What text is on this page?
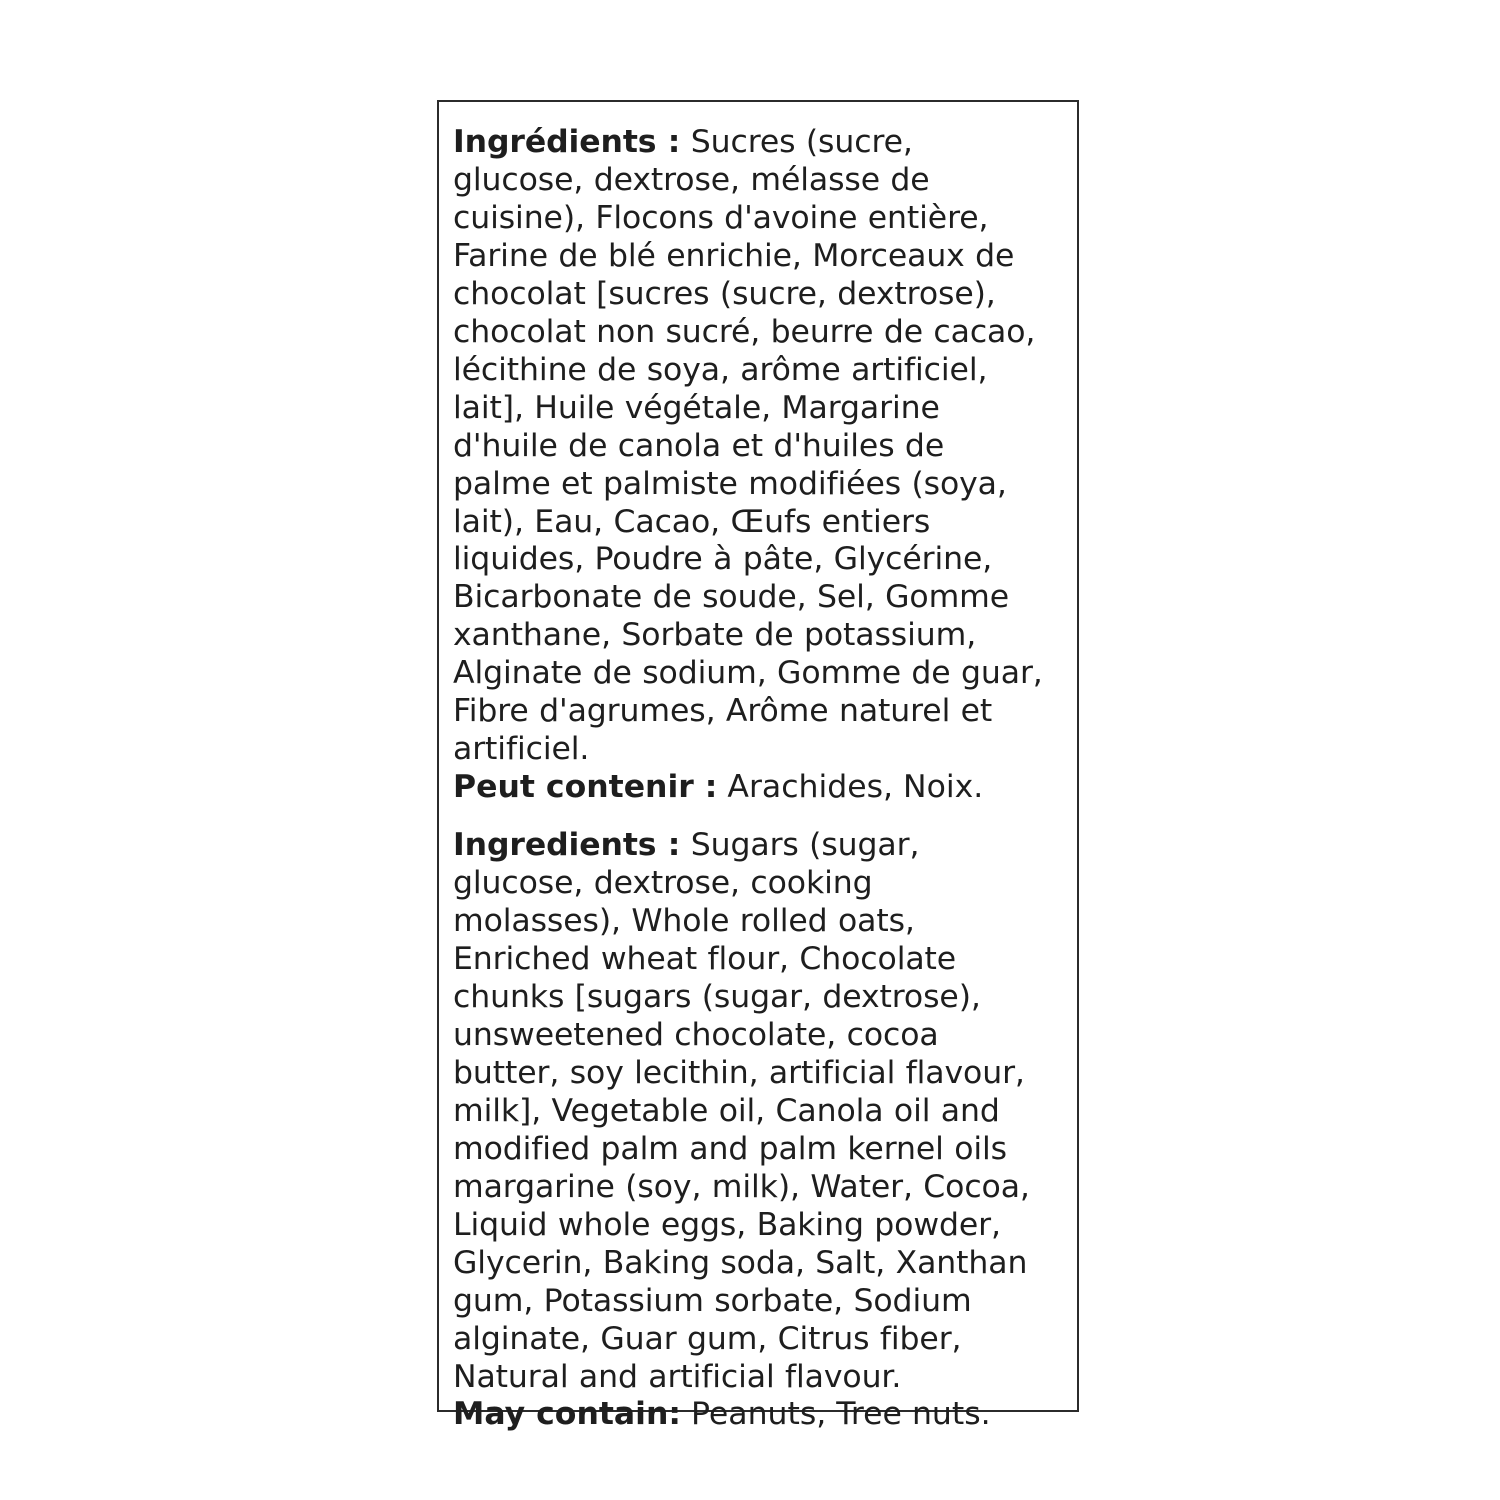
Ingrédients : Sucres (sucre, glucose, dextrose, mélasse de cuisine), Flocons d'avoine entière, Farine de blé enrichie, Morceaux de chocolat [sucres (sucre, dextrose), chocolat non sucré, beurre de cacao, lécithine de soya, arôme artificiel, lait], Huile végétale, Margarine d'huile de canola et d'huiles de palme et palmiste modifiées (soya, lait), Eau, Cacao, Œufs entiers liquides, Poudre à pâte, Glycérine, Bicarbonate de soude, Sel, Gomme xanthane, Sorbate de potassium, Alginate de sodium, Gomme de guar, Fibre d'agrumes, Arôme naturel et artificiel.

Peut contenir : Arachides, Noix.

Ingredients : Sugars (sugar, glucose, dextrose, cooking molasses), Whole rolled oats, Enriched wheat flour, Chocolate chunks [sugars (sugar, dextrose), unsweetened chocolate, cocoa butter, soy lecithin, artificial flavour, milk], Vegetable oil, Canola oil and modified palm and palm kernel oils margarine (soy, milk), Water, Cocoa, Liquid whole eggs, Baking powder, Glycerin, Baking soda, Salt, Xanthan gum, Potassium sorbate, Sodium alginate, Guar gum, Citrus fiber, Natural and artificial flavour.

May contain: Peanuts, Tree nuts.
